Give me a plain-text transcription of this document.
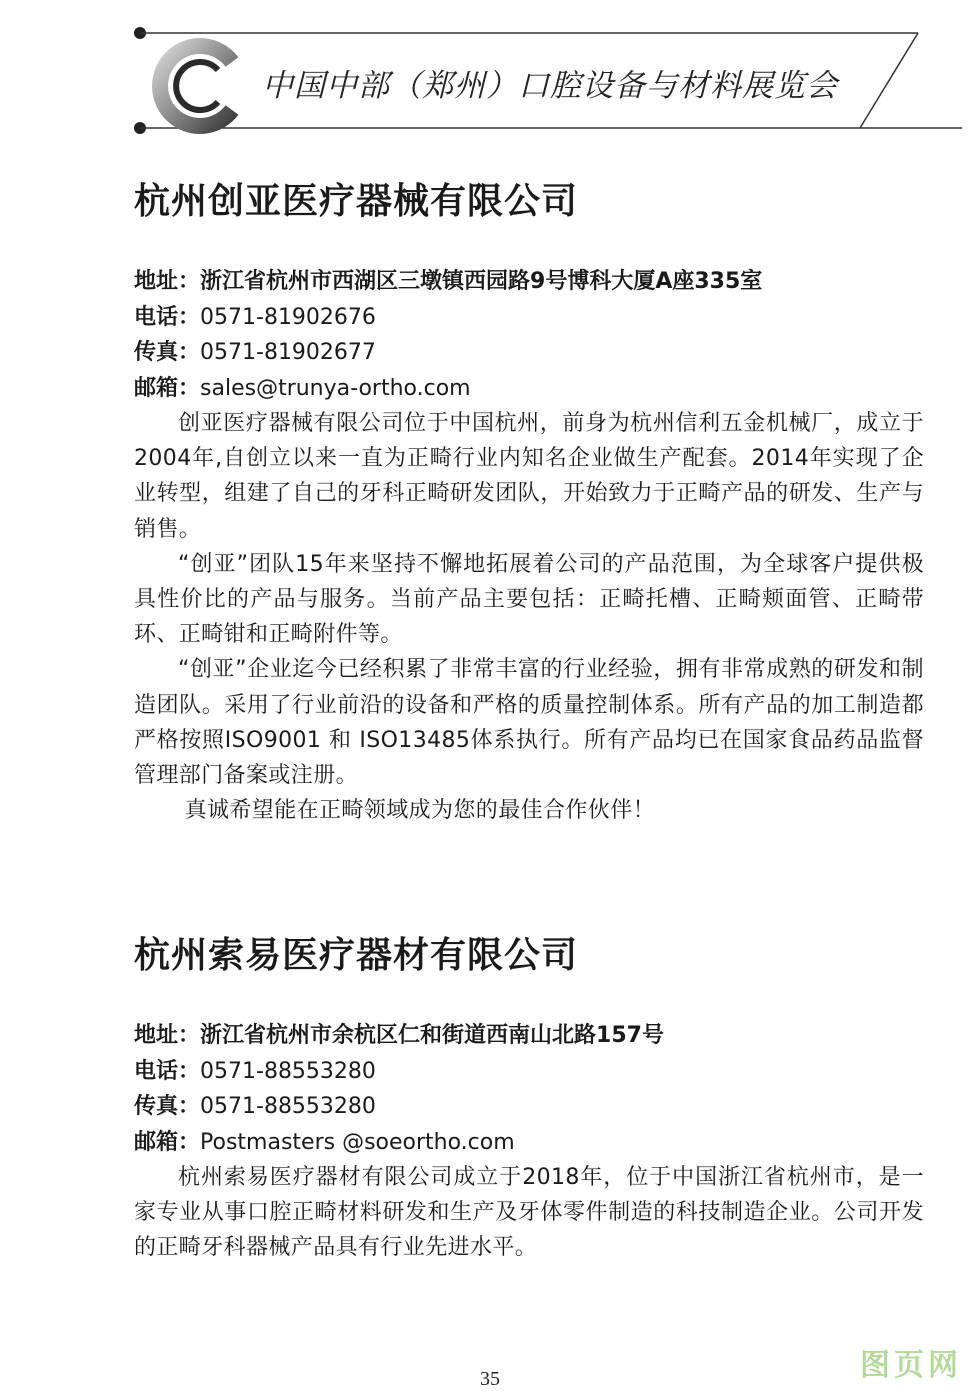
中国中部（郑州）口腔设备与材料展览会
杭州创亚医疗器械有限公司
地址：浙江省杭州市西湖区三墩镇西园路9号博科大厦A座335室
电话：0571-81902676
传真：0571-81902677
邮箱：sales@trunya-ortho.com

创亚医疗器械有限公司位于中国杭州，前身为杭州信利五金机械厂，成立于2004年,自创立以来一直为正畸行业内知名企业做生产配套。2014年实现了企业转型，组建了自己的牙科正畸研发团队，开始致力于正畸产品的研发、生产与销售。

“创亚”团队15年来坚持不懈地拓展着公司的产品范围，为全球客户提供极具性价比的产品与服务。当前产品主要包括：正畸托槽、正畸颊面管、正畸带环、正畸钳和正畸附件等。

“创亚”企业迄今已经积累了非常丰富的行业经验，拥有非常成熟的研发和制造团队。采用了行业前沿的设备和严格的质量控制体系。所有产品的加工制造都严格按照ISO9001 和 ISO13485体系执行。所有产品均已在国家食品药品监督管理部门备案或注册。

真诚希望能在正畸领域成为您的最佳合作伙伴！

杭州索易医疗器材有限公司
地址：浙江省杭州市余杭区仁和街道西南山北路157号
电话：0571-88553280
传真：0571-88553280
邮箱：Postmasters @soeortho.com

杭州索易医疗器材有限公司成立于2018年，位于中国浙江省杭州市，是一家专业从事口腔正畸材料研发和生产及牙体零件制造的科技制造企业。公司开发的正畸牙科器械产品具有行业先进水平。

35	图页网
